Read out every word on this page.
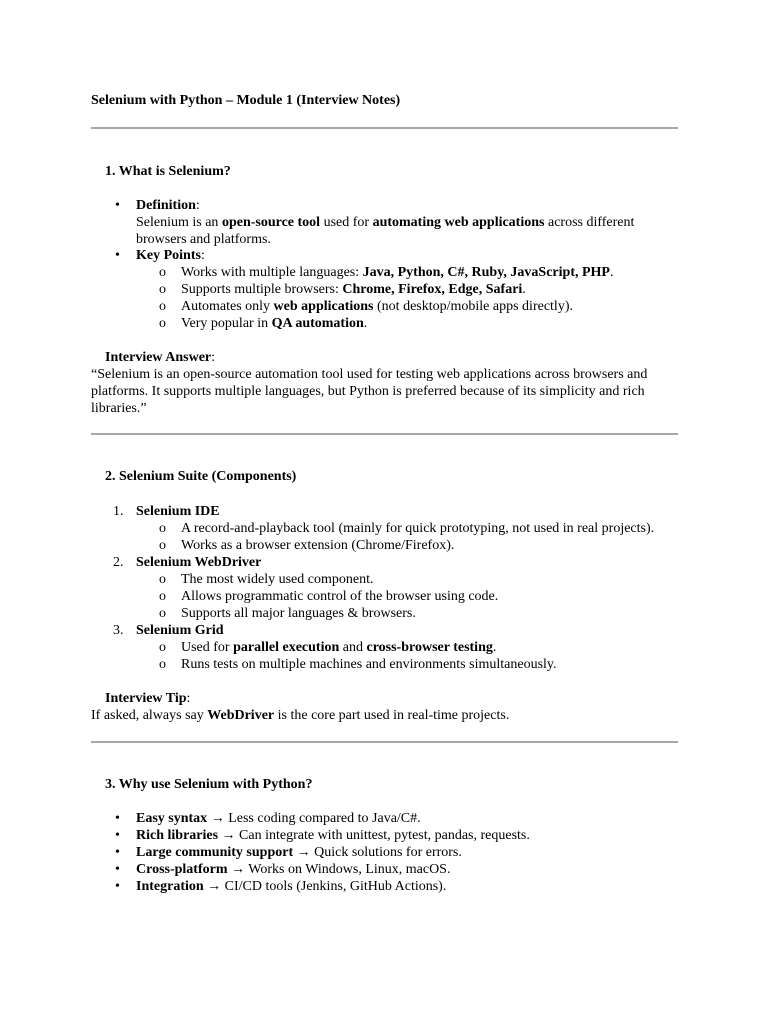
Selenium with Python – Module 1 (Interview Notes)
1. What is Selenium?
• Definition:
Selenium is an open-source tool used for automating web applications across different
browsers and platforms.
• Key Points:
o Works with multiple languages: Java, Python, C#, Ruby, JavaScript, PHP.
o Supports multiple browsers: Chrome, Firefox, Edge, Safari.
o Automates only web applications (not desktop/mobile apps directly).
o Very popular in QA automation.
Interview Answer:
“Selenium is an open-source automation tool used for testing web applications across browsers and
platforms. It supports multiple languages, but Python is preferred because of its simplicity and rich
libraries.”
2. Selenium Suite (Components)
1. Selenium IDE
o A record-and-playback tool (mainly for quick prototyping, not used in real projects).
o Works as a browser extension (Chrome/Firefox).
2. Selenium WebDriver
o The most widely used component.
o Allows programmatic control of the browser using code.
o Supports all major languages & browsers.
3. Selenium Grid
o Used for parallel execution and cross-browser testing.
o Runs tests on multiple machines and environments simultaneously.
Interview Tip:
If asked, always say WebDriver is the core part used in real-time projects.
3. Why use Selenium with Python?
• Easy syntax → Less coding compared to Java/C#.
• Rich libraries → Can integrate with unittest, pytest, pandas, requests.
• Large community support → Quick solutions for errors.
• Cross-platform → Works on Windows, Linux, macOS.
• Integration → CI/CD tools (Jenkins, GitHub Actions).
